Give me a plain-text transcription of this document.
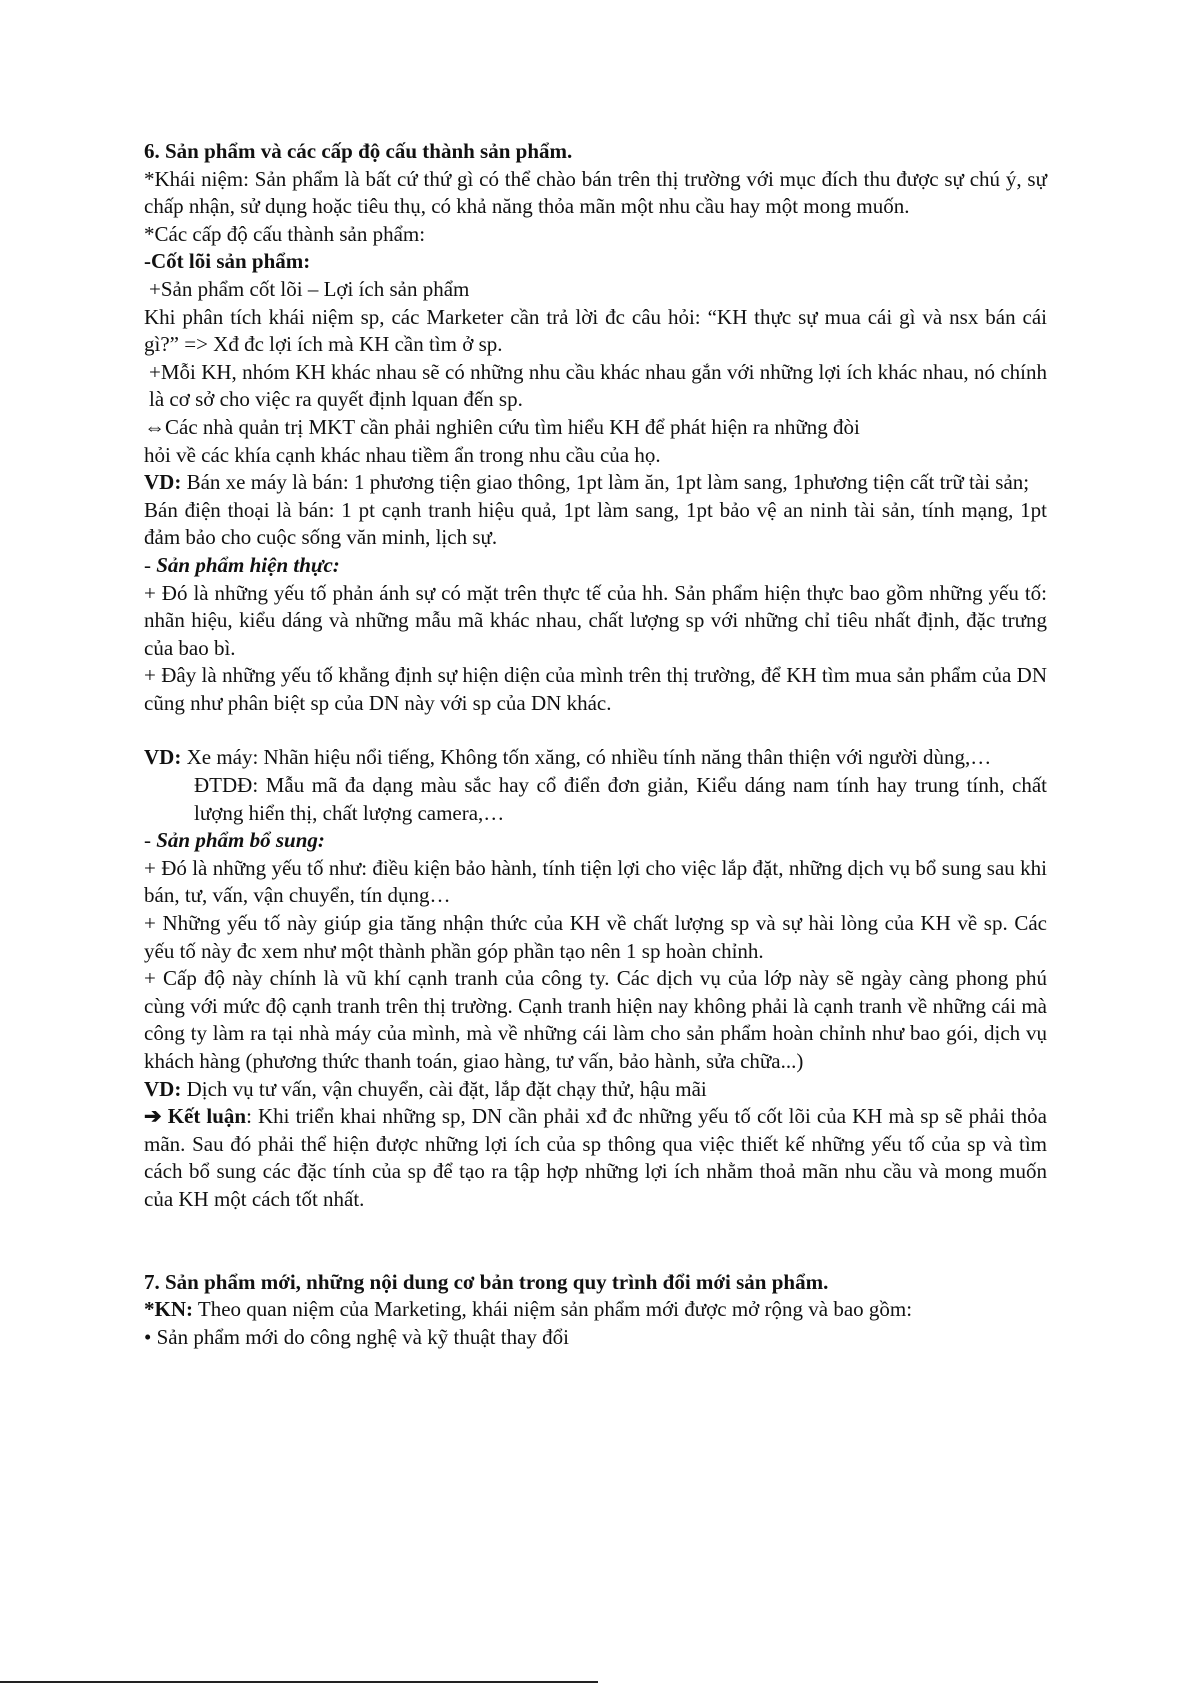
6. Sản phẩm và các cấp độ cấu thành sản phẩm.

*Khái niệm: Sản phẩm là bất cứ thứ gì có thể chào bán trên thị trường với mục đích thu được sự chú ý, sự chấp nhận, sử dụng hoặc tiêu thụ, có khả năng thỏa mãn một nhu cầu hay một mong muốn.

*Các cấp độ cấu thành sản phẩm:

-Cốt lõi sản phẩm:

+Sản phẩm cốt lõi – Lợi ích sản phẩm

Khi phân tích khái niệm sp, các Marketer cần trả lời đc câu hỏi: “KH thực sự mua cái gì và nsx bán cái gì?” => Xđ đc lợi ích mà KH cần tìm ở sp.

+Mỗi KH, nhóm KH khác nhau sẽ có những nhu cầu khác nhau gắn với những lợi ích khác nhau, nó chính là cơ sở cho việc ra quyết định lquan đến sp.

⇔Các nhà quản trị MKT cần phải nghiên cứu tìm hiểu KH để phát hiện ra những đòi

hỏi về các khía cạnh khác nhau tiềm ẩn trong nhu cầu của họ.

VD: Bán xe máy là bán: 1 phương tiện giao thông, 1pt làm ăn, 1pt làm sang, 1phương tiện cất trữ tài sản;

Bán điện thoại là bán: 1 pt cạnh tranh hiệu quả, 1pt làm sang, 1pt bảo vệ an ninh tài sản, tính mạng, 1pt đảm bảo cho cuộc sống văn minh, lịch sự.

- Sản phẩm hiện thực:

+ Đó là những yếu tố phản ánh sự có mặt trên thực tế của hh. Sản phẩm hiện thực bao gồm những yếu tố: nhãn hiệu, kiểu dáng và những mẫu mã khác nhau, chất lượng sp với những chỉ tiêu nhất định, đặc trưng của bao bì.

+ Đây là những yếu tố khẳng định sự hiện diện của mình trên thị trường, để KH tìm mua sản phẩm của DN cũng như phân biệt sp của DN này với sp của DN khác.

VD: Xe máy: Nhãn hiệu nổi tiếng, Không tốn xăng, có nhiều tính năng thân thiện với người dùng,…

ĐTDĐ: Mẫu mã đa dạng màu sắc hay cổ điển đơn giản, Kiểu dáng nam tính hay trung tính, chất lượng hiển thị, chất lượng camera,…

- Sản phẩm bổ sung:

+ Đó là những yếu tố như: điều kiện bảo hành, tính tiện lợi cho việc lắp đặt, những dịch vụ bổ sung sau khi bán, tư, vấn, vận chuyển, tín dụng…

+ Những yếu tố này giúp gia tăng nhận thức của KH về chất lượng sp và sự hài lòng của KH về sp. Các yếu tố này đc xem như một thành phần góp phần tạo nên 1 sp hoàn chỉnh.

+ Cấp độ này chính là vũ khí cạnh tranh của công ty. Các dịch vụ của lớp này sẽ ngày càng phong phú cùng với mức độ cạnh tranh trên thị trường. Cạnh tranh hiện nay không phải là cạnh tranh về những cái mà công ty làm ra tại nhà máy của mình, mà về những cái làm cho sản phẩm hoàn chỉnh như bao gói, dịch vụ khách hàng (phương thức thanh toán, giao hàng, tư vấn, bảo hành, sửa chữa...)

VD: Dịch vụ tư vấn, vận chuyển, cài đặt, lắp đặt chạy thử, hậu mãi

➔ Kết luận: Khi triển khai những sp, DN cần phải xđ đc những yếu tố cốt lõi của KH mà sp sẽ phải thỏa mãn. Sau đó phải thể hiện được những lợi ích của sp thông qua việc thiết kế những yếu tố của sp và tìm cách bổ sung các đặc tính của sp để tạo ra tập hợp những lợi ích nhằm thoả mãn nhu cầu và mong muốn của KH một cách tốt nhất.

7. Sản phẩm mới, những nội dung cơ bản trong quy trình đổi mới sản phẩm.

*KN: Theo quan niệm của Marketing, khái niệm sản phẩm mới được mở rộng và bao gồm:

• Sản phẩm mới do công nghệ và kỹ thuật thay đổi
